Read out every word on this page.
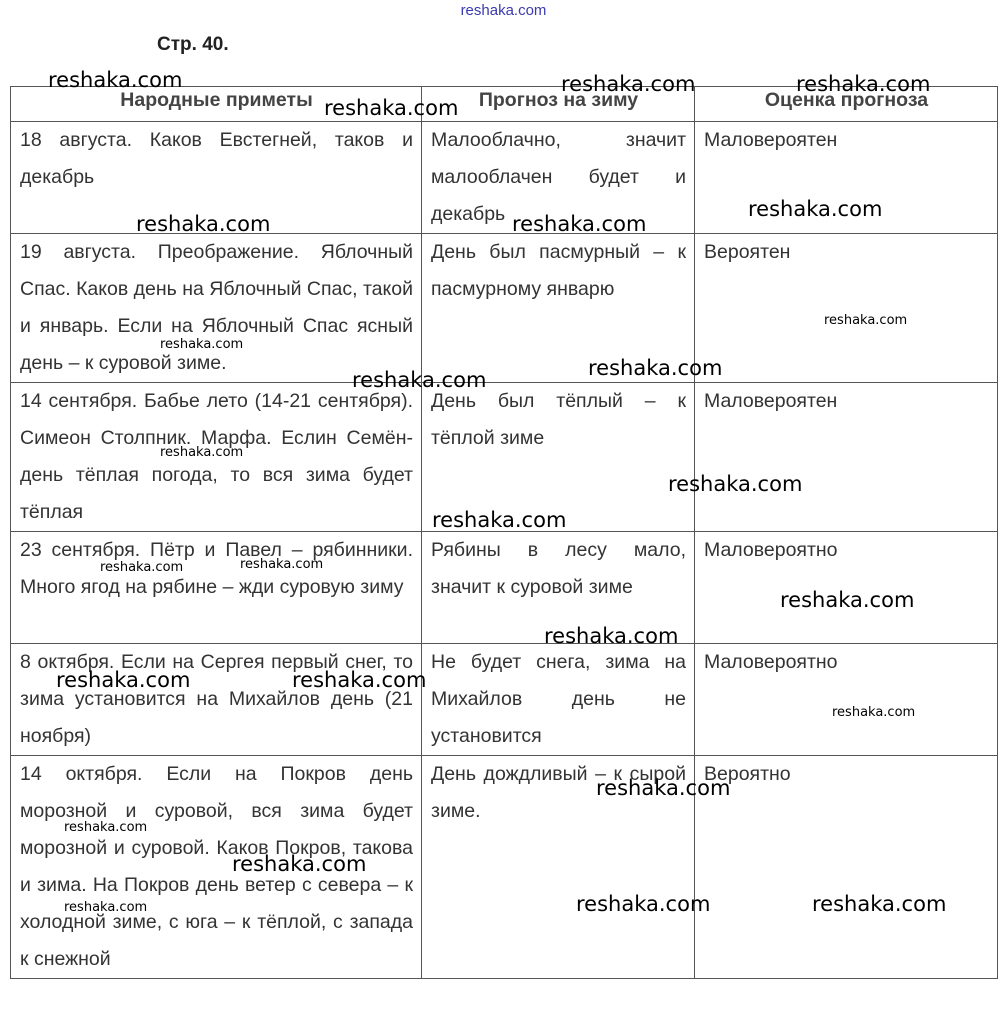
reshaka.com
Стр. 40.
Народные приметы	Прогноз на зиму	Оценка прогноза
18 августа. Каков Евстегней, таков и декабрь	Малооблачно, значит малооблачен будет и декабрь	Маловероятен
19 августа. Преображение. Яблочный Спас. Каков день на Яблочный Спас, такой и январь. Если на Яблочный Спас ясный день – к суровой зиме.	День был пасмурный – к пасмурному январю	Вероятен
14 сентября. Бабье лето (14-21 сентября). Симеон Столпник. Марфа. Еслин Семён-день тёплая погода, то вся зима будет тёплая	День был тёплый – к тёплой зиме	Маловероятен
23 сентября. Пётр и Павел – рябинники. Много ягод на рябине – жди суровую зиму	Рябины в лесу мало, значит к суровой зиме	Маловероятно
8 октября. Если на Сергея первый снег, то зима установится на Михайлов день (21 ноября)	Не будет снега, зима на Михайлов день не установится	Маловероятно
14 октября. Если на Покров день морозной и суровой, вся зима будет морозной и суровой. Каков Покров, такова и зима. На Покров день ветер с севера – к холодной зиме, с юга – к тёплой, с запада к снежной	День дождливый – к сырой зиме.	Вероятно
reshaka.com	reshaka.com	reshaka.com
reshaka.com
reshaka.com
reshaka.com	reshaka.com
reshaka.com
reshaka.com
reshaka.com
reshaka.com
reshaka.com
reshaka.com
reshaka.com
reshaka.com	reshaka.com
reshaka.com
reshaka.com
reshaka.com	reshaka.com
reshaka.com
reshaka.com
reshaka.com
reshaka.com
reshaka.com	reshaka.com
reshaka.com
